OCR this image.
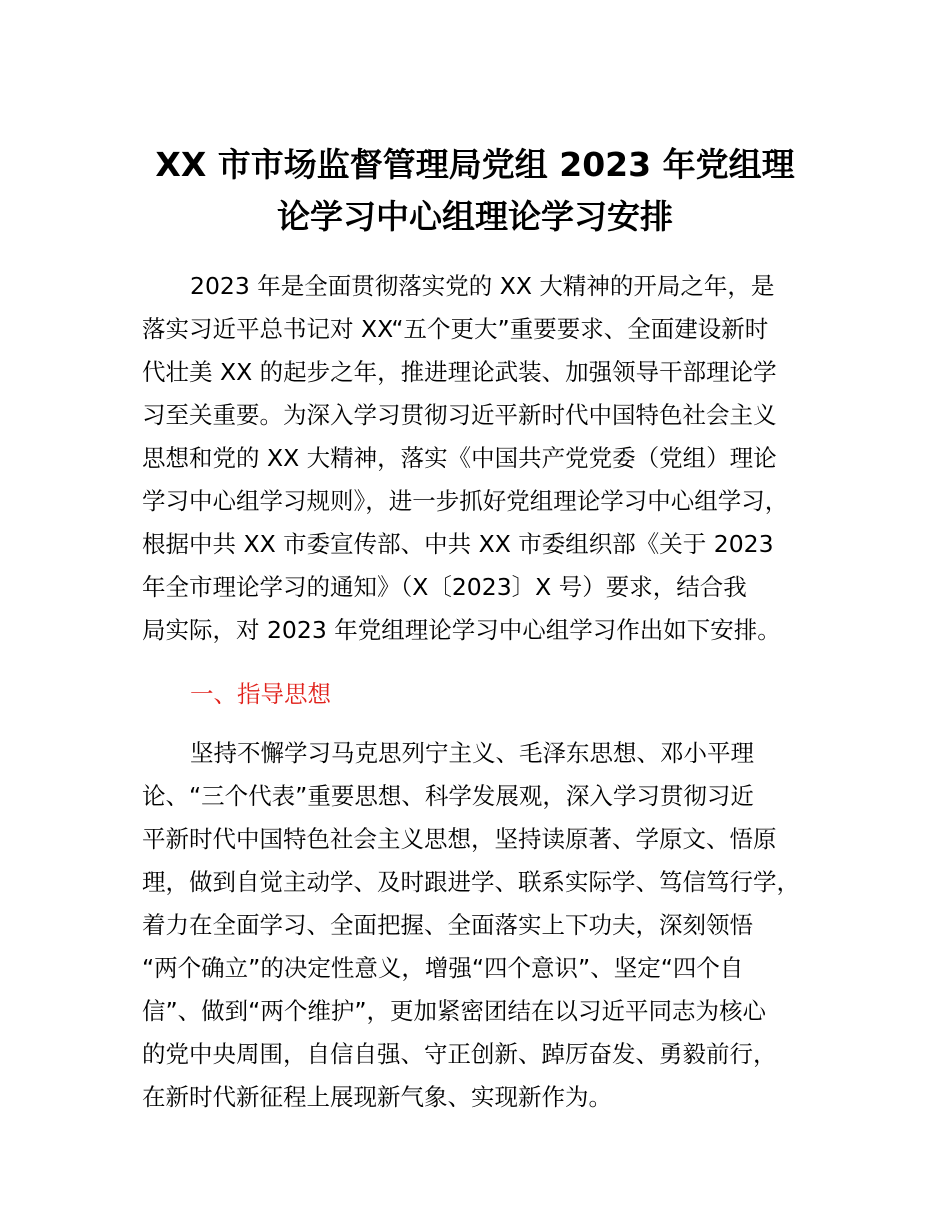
XX 市市场监督管理局党组 2023 年党组理
论学习中心组理论学习安排
2023 年是全面贯彻落实党的 XX 大精神的开局之年，是
落实习近平总书记对 XX“五个更大”重要要求、全面建设新时
代壮美 XX 的起步之年，推进理论武装、加强领导干部理论学
习至关重要。为深入学习贯彻习近平新时代中国特色社会主义
思想和党的 XX 大精神，落实《中国共产党党委（党组）理论
学习中心组学习规则》，进一步抓好党组理论学习中心组学习，
根据中共 XX 市委宣传部、中共 XX 市委组织部《关于 2023
年全市理论学习的通知》（X〔2023〕X 号）要求，结合我
局实际，对 2023 年党组理论学习中心组学习作出如下安排。
一、指导思想
坚持不懈学习马克思列宁主义、毛泽东思想、邓小平理
论、“三个代表”重要思想、科学发展观，深入学习贯彻习近
平新时代中国特色社会主义思想，坚持读原著、学原文、悟原
理，做到自觉主动学、及时跟进学、联系实际学、笃信笃行学，
着力在全面学习、全面把握、全面落实上下功夫，深刻领悟
“两个确立”的决定性意义，增强“四个意识”、坚定“四个自
信”、做到“两个维护”，更加紧密团结在以习近平同志为核心
的党中央周围，自信自强、守正创新、踔厉奋发、勇毅前行，
在新时代新征程上展现新气象、实现新作为。
